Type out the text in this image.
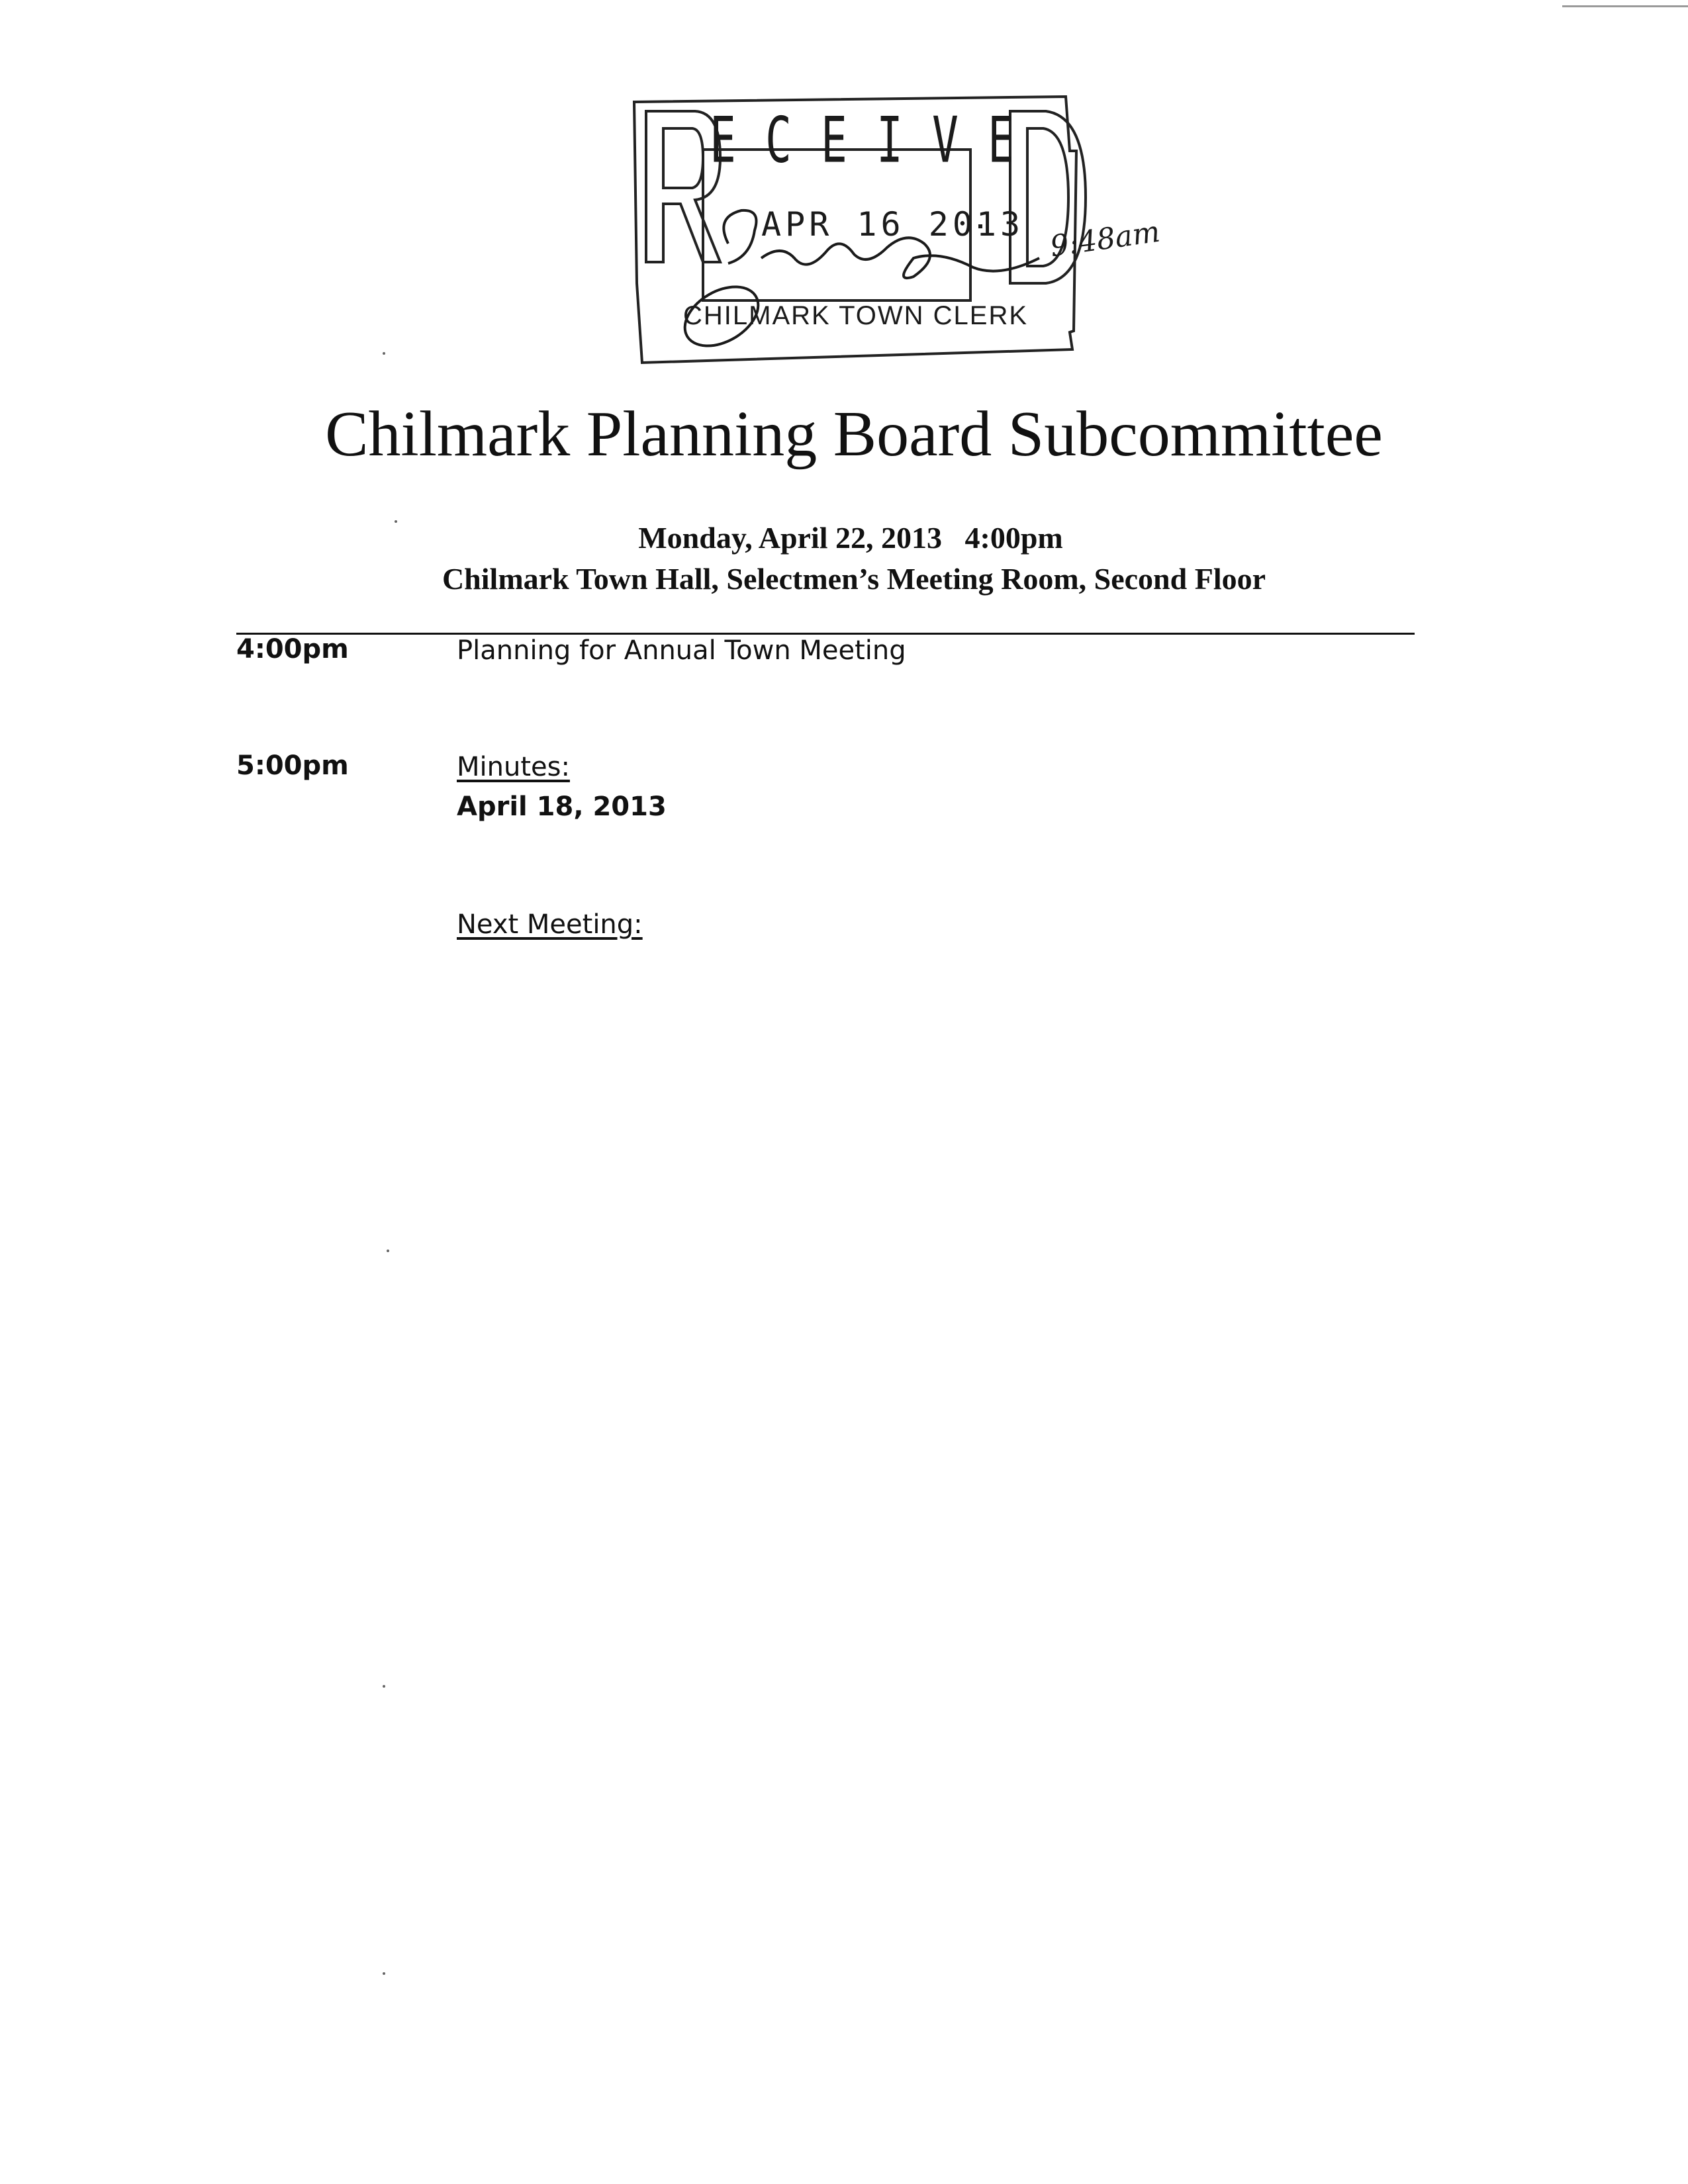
E C E I V E
APR 16 2013
CHILMARK TOWN CLERK
9:48am
Chilmark Planning Board Subcommittee
Monday, April 22, 2013   4:00pm
Chilmark Town Hall, Selectmen’s Meeting Room, Second Floor
4:00pm	Planning for Annual Town Meeting
5:00pm	Minutes:
April 18, 2013
Next Meeting:
